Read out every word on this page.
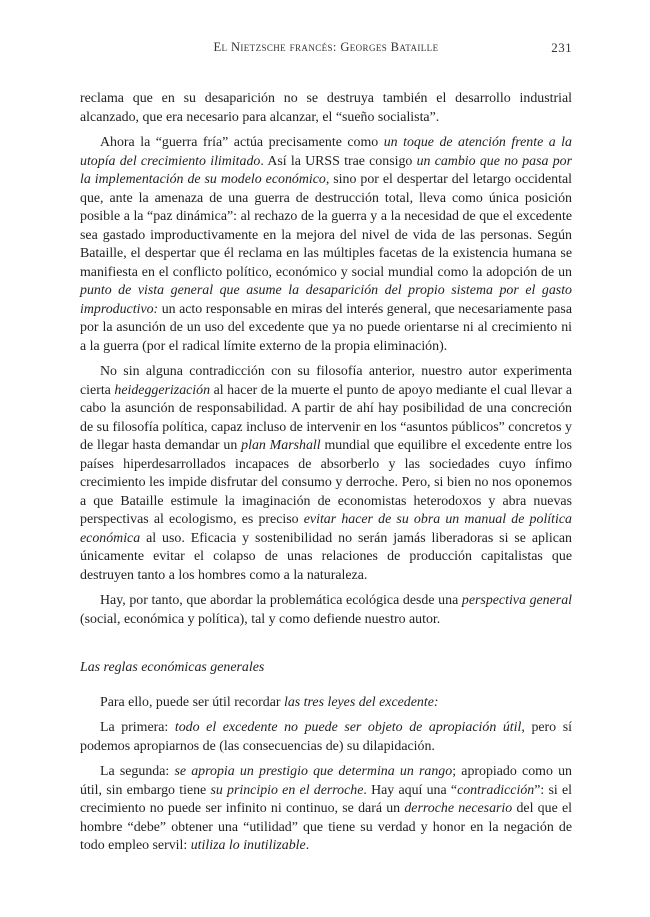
El Nietzsche francés: Georges Bataille	231

reclama que en su desaparición no se destruya también el desarrollo industrial alcanzado, que era necesario para alcanzar, el “sueño socialista”.

Ahora la “guerra fría” actúa precisamente como un toque de atención frente a la utopía del crecimiento ilimitado. Así la URSS trae consigo un cambio que no pasa por la implementación de su modelo económico, sino por el despertar del letargo occidental que, ante la amenaza de una guerra de destrucción total, lleva como única posición posible a la “paz dinámica”: al rechazo de la guerra y a la necesidad de que el excedente sea gastado improductivamente en la mejora del nivel de vida de las personas. Según Bataille, el despertar que él reclama en las múltiples facetas de la existencia humana se manifiesta en el conflicto político, económico y social mundial como la adopción de un punto de vista general que asume la desaparición del propio sistema por el gasto improductivo: un acto responsable en miras del interés general, que necesariamente pasa por la asunción de un uso del excedente que ya no puede orientarse ni al crecimiento ni a la guerra (por el radical límite externo de la propia eliminación).

No sin alguna contradicción con su filosofía anterior, nuestro autor experimenta cierta heideggerización al hacer de la muerte el punto de apoyo mediante el cual llevar a cabo la asunción de responsabilidad. A partir de ahí hay posibilidad de una concreción de su filosofía política, capaz incluso de intervenir en los “asuntos públicos” concretos y de llegar hasta demandar un plan Marshall mundial que equilibre el excedente entre los países hiperdesarrollados incapaces de absorberlo y las sociedades cuyo ínfimo crecimiento les impide disfrutar del consumo y derroche. Pero, si bien no nos oponemos a que Bataille estimule la imaginación de economistas heterodoxos y abra nuevas perspectivas al ecologismo, es preciso evitar hacer de su obra un manual de política económica al uso. Eficacia y sostenibilidad no serán jamás liberadoras si se aplican únicamente evitar el colapso de unas relaciones de producción capitalistas que destruyen tanto a los hombres como a la naturaleza.

Hay, por tanto, que abordar la problemática ecológica desde una perspectiva general (social, económica y política), tal y como defiende nuestro autor.

Las reglas económicas generales

Para ello, puede ser útil recordar las tres leyes del excedente:

La primera: todo el excedente no puede ser objeto de apropiación útil, pero sí podemos apropiarnos de (las consecuencias de) su dilapidación.

La segunda: se apropia un prestigio que determina un rango; apropiado como un útil, sin embargo tiene su principio en el derroche. Hay aquí una “contradicción”: si el crecimiento no puede ser infinito ni continuo, se dará un derroche necesario del que el hombre “debe” obtener una “utilidad” que tiene su verdad y honor en la negación de todo empleo servil: utiliza lo inutilizable.
